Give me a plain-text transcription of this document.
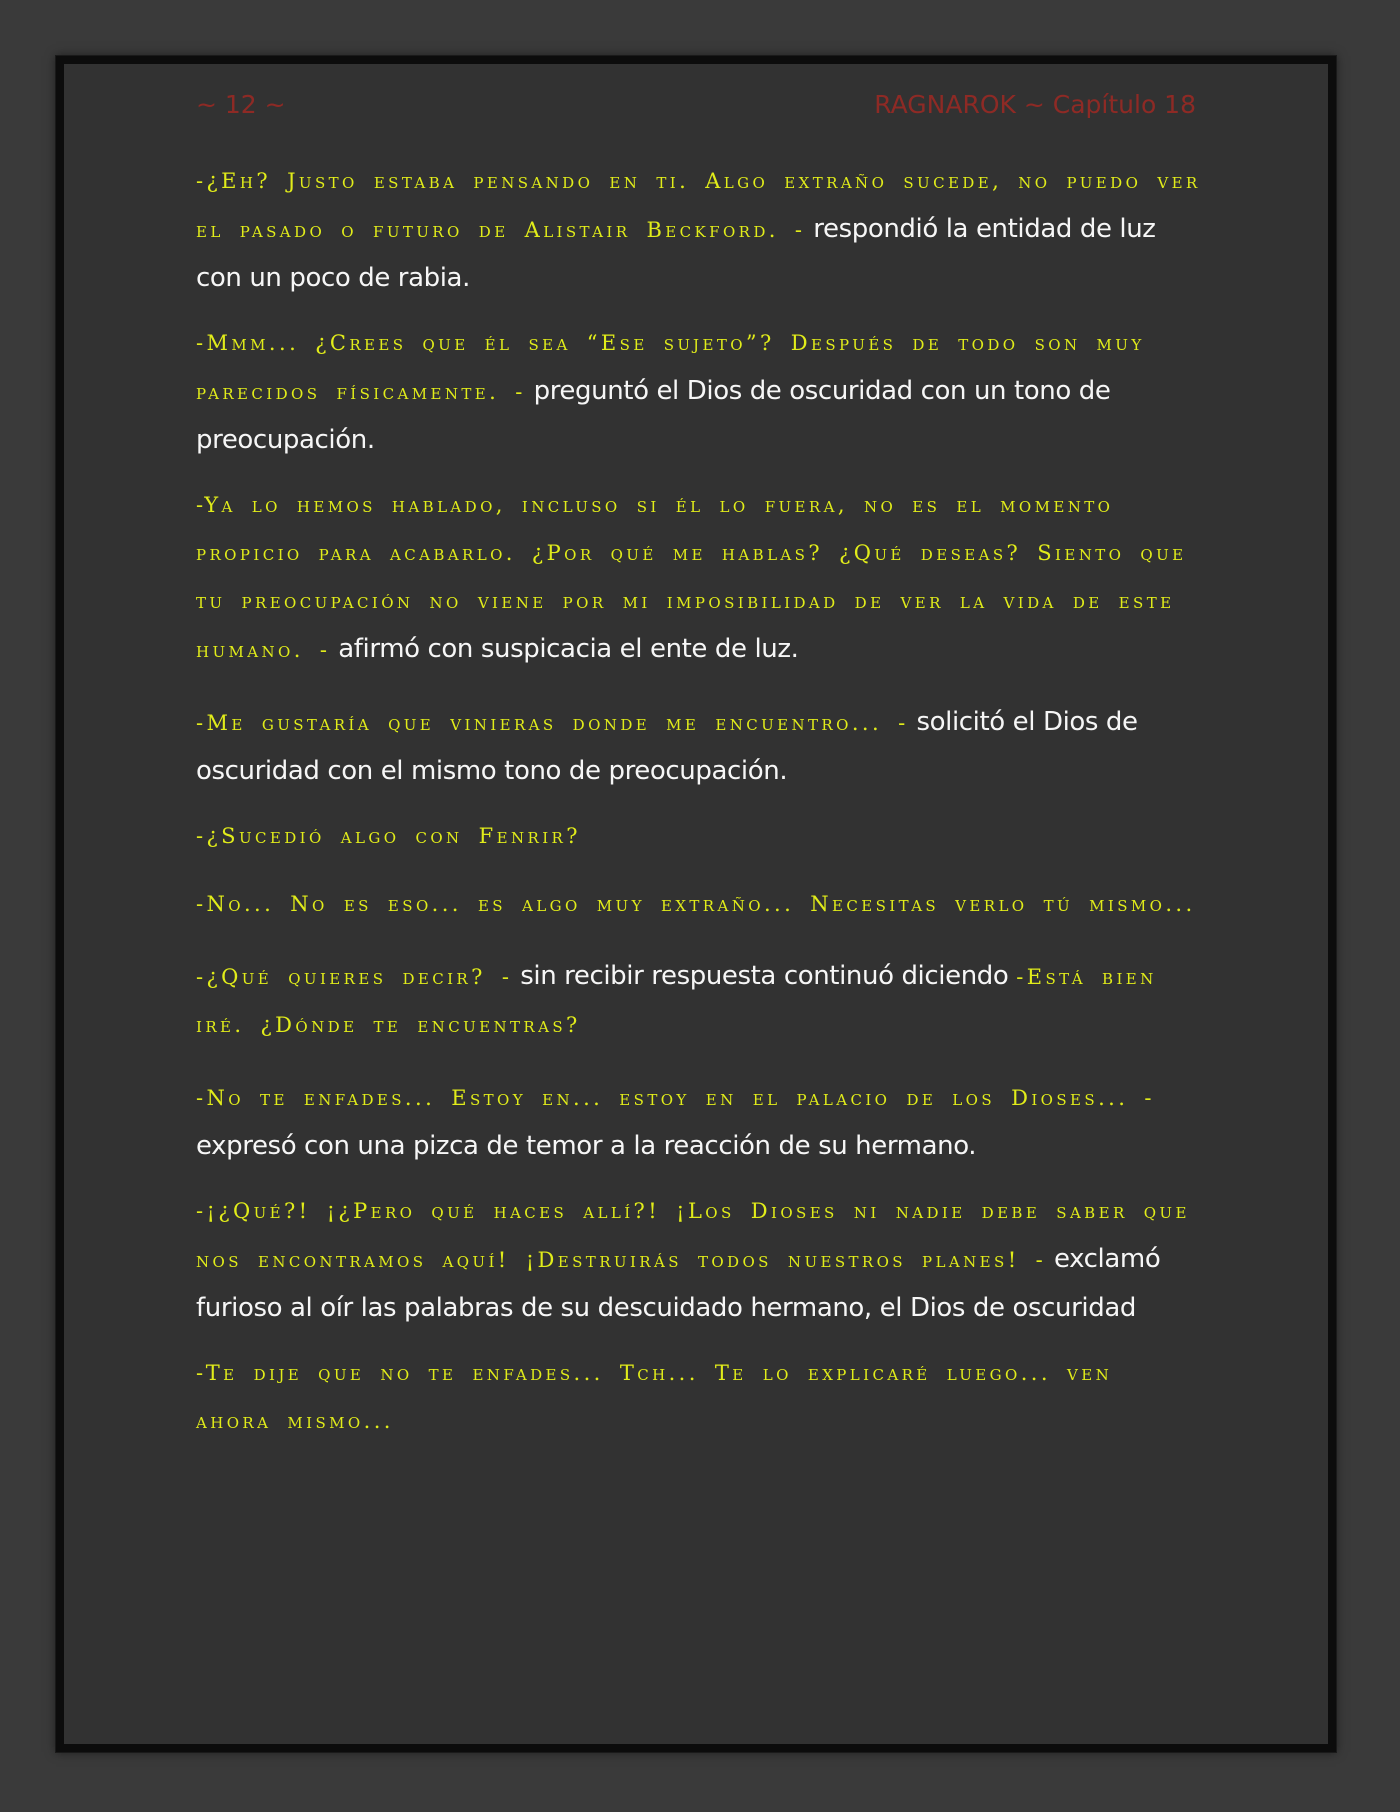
~ 12 ~	RAGNAROK ~ Capítulo 18

-¿Eh? Justo estaba pensando en ti. Algo extraño sucede, no puedo ver el pasado o futuro de Alistair Beckford. - respondió la entidad de luz con un poco de rabia.

-Mmm... ¿Crees que él sea “Ese sujeto”? Después de todo son muy parecidos físicamente. - preguntó el Dios de oscuridad con un tono de preocupación.

-Ya lo hemos hablado, incluso si él lo fuera, no es el momento propicio para acabarlo. ¿Por qué me hablas? ¿Qué deseas? Siento que tu preocupación no viene por mi imposibilidad de ver la vida de este humano. - afirmó con suspicacia el ente de luz.

-Me gustaría que vinieras donde me encuentro... - solicitó el Dios de oscuridad con el mismo tono de preocupación.

-¿Sucedió algo con Fenrir?

-No... No es eso... es algo muy extraño... Necesitas verlo tú mismo...

-¿Qué quieres decir? - sin recibir respuesta continuó diciendo -Está bien iré. ¿Dónde te encuentras?

-No te enfades... Estoy en... estoy en el palacio de los Dioses... - expresó con una pizca de temor a la reacción de su hermano.

-¡¿Qué?! ¡¿Pero qué haces allí?! ¡Los Dioses ni nadie debe saber que nos encontramos aquí! ¡Destruirás todos nuestros planes! - exclamó furioso al oír las palabras de su descuidado hermano, el Dios de oscuridad

-Te dije que no te enfades... Tch... Te lo explicaré luego... ven ahora mismo...
